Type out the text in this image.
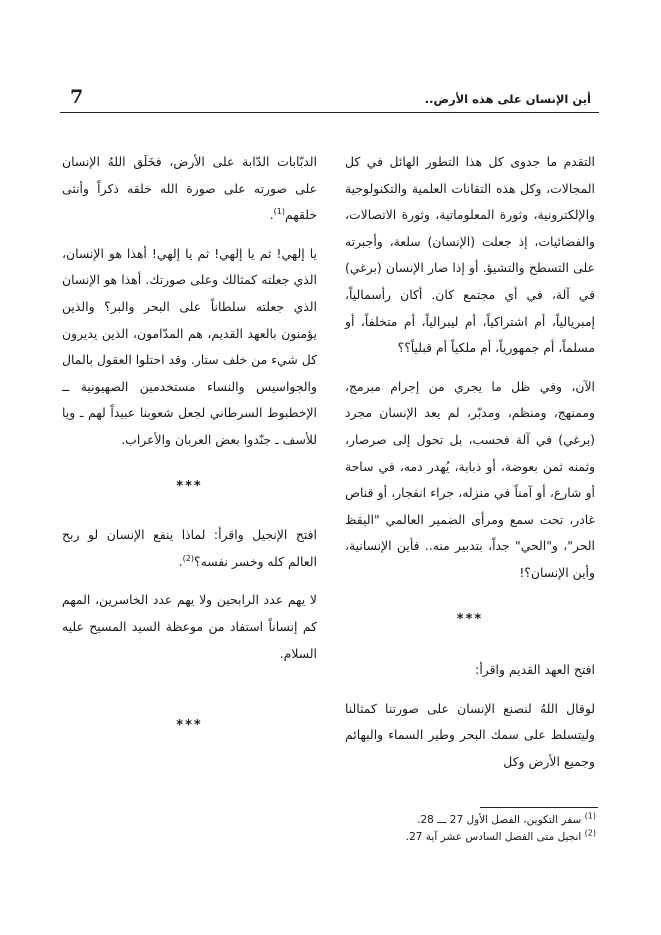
7	أين الإنسان على هذه الأرض..

التقدم ما جدوى كل هذا التطور الهائل في كل المجالات، وكل هذه التقانات العلمية والتكنولوجية والإلكترونية، وثورة المعلوماتية، وثورة الاتصالات، والفضائيات، إذ جعلت (الإنسان) سلعة، وأجبرته على التسطح والتشيؤ. أو إذا صار الإنسان (برغي) في آلة، في أي مجتمع كان. أكان رأسمالياً، إمبريالياً، أم اشتراكياً، أم ليبرالياً، أم متخلفاً، أو مسلماً، أم جمهورياً، أم ملكياً أم قبلياً؟؟

الآن، وفي ظل ما يجري من إجرام مبرمج، وممنهج، ومنظم، ومدبّر، لم يعد الإنسان مجرد (برغي) في آلة فحسب، بل تحول إلى صرصار، وثمنه ثمن بعوضة، أو ذبابة، يُهدر دمه، في ساحة أو شارع، أو آمناً في منزله، جراء انفجار، أو قناص غادر، تحت سمع ومرأى الضمير العالمي "اليقظ الحر"، و"الحي" جداً، بتدبير منه.. فأين الإنسانية، وأين الإنسان؟!

***

افتح العهد القديم واقرأ:

لوقال اللهُ لنصنع الإنسان على صورتنا كمثالنا وليتسلط على سمك البحر وطير السماء والبهائم وجميع الأرض وكل

الدبّابات الدّابة على الأرض، فخَلَق اللهُ الإنسان على صورته على صورة الله خلقه ذكراً وأنثى خلقهم$^{(1)}$.

يا إلهي! ثم يا إلهي! ثم يا إلهي! أهذا هو الإنسان، الذي جعلته كمثالك وعلى صورتك. أهذا هو الإنسان الذي جعلته سلطاناً على البحر والبر؟ والذين يؤمنون بالعهد القديم، هم المدّامون، الذين يديرون كل شيء من خلف ستار. وقد احتلوا العقول بالمال والجواسيس والنساء مستخدمين الصهيونية ــ الإخطبوط السرطاني لجعل شعوبنا عبيداً لهم ـ ويا للأسف ـ جنّدوا بعض العربان والأعراب.

***

افتح الإنجيل واقرأ: لماذا ينفع الإنسان لو ربح العالم كله وخسر نفسه؟$^{(2)}$.

لا يهم عدد الرابحين ولا يهم عدد الخاسرين، المهم كم إنساناً استفاد من موعظة السيد المسيح عليه السلام.

***
$^{(1)}$ سفر التكوين، الفصل الأول 27 ـــ 28.
$^{(2)}$ انجيل متى الفصل السادس عشر آية 27.
